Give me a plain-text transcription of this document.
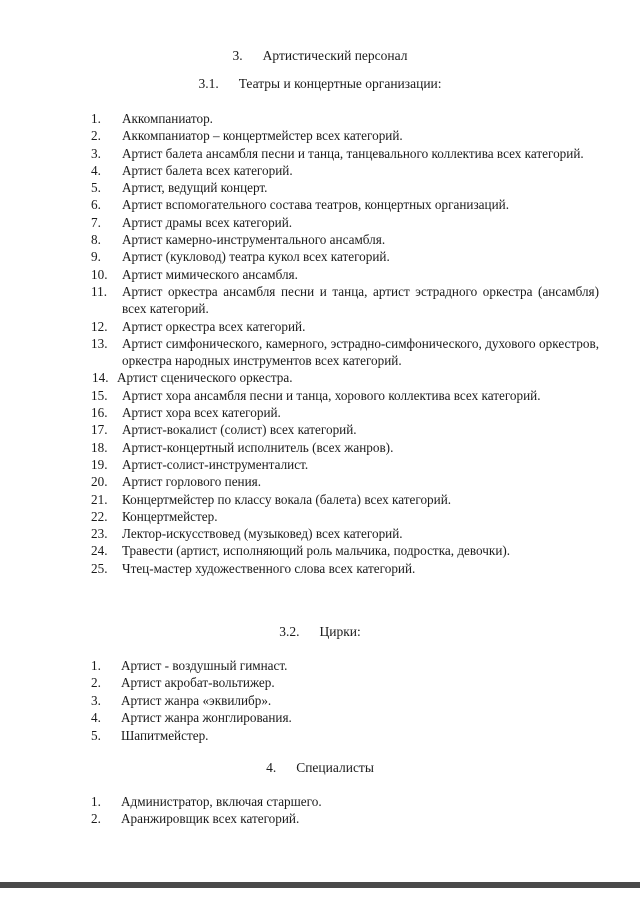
3. Артистический персонал
3.1. Театры и концертные организации:
1. Аккомпаниатор.
2. Аккомпаниатор – концертмейстер всех категорий.
3. Артист балета ансамбля песни и танца, танцевального коллектива всех категорий.
4. Артист балета всех категорий.
5. Артист, ведущий концерт.
6. Артист вспомогательного состава театров, концертных организаций.
7. Артист драмы всех категорий.
8. Артист камерно-инструментального ансамбля.
9. Артист (кукловод) театра кукол всех категорий.
10. Артист мимического ансамбля.
11. Артист оркестра ансамбля песни и танца, артист эстрадного оркестра (ансамбля) всех категорий.
12. Артист оркестра всех категорий.
13. Артист симфонического, камерного, эстрадно-симфонического, духового оркестров, оркестра народных инструментов всех категорий.
14. Артист сценического оркестра.
15. Артист хора ансамбля песни и танца, хорового коллектива всех категорий.
16. Артист хора всех категорий.
17. Артист-вокалист (солист) всех категорий.
18. Артист-концертный исполнитель (всех жанров).
19. Артист-солист-инструменталист.
20. Артист горлового пения.
21. Концертмейстер по классу вокала (балета) всех категорий.
22. Концертмейстер.
23. Лектор-искусствовед (музыковед) всех категорий.
24. Травести (артист, исполняющий роль мальчика, подростка, девочки).
25. Чтец-мастер художественного слова всех категорий.
3.2. Цирки:
1. Артист - воздушный гимнаст.
2. Артист акробат-вольтижер.
3. Артист жанра «эквилибр».
4. Артист жанра жонглирования.
5. Шапитмейстер.
4. Специалисты
1. Администратор, включая старшего.
2. Аранжировщик всех категорий.
